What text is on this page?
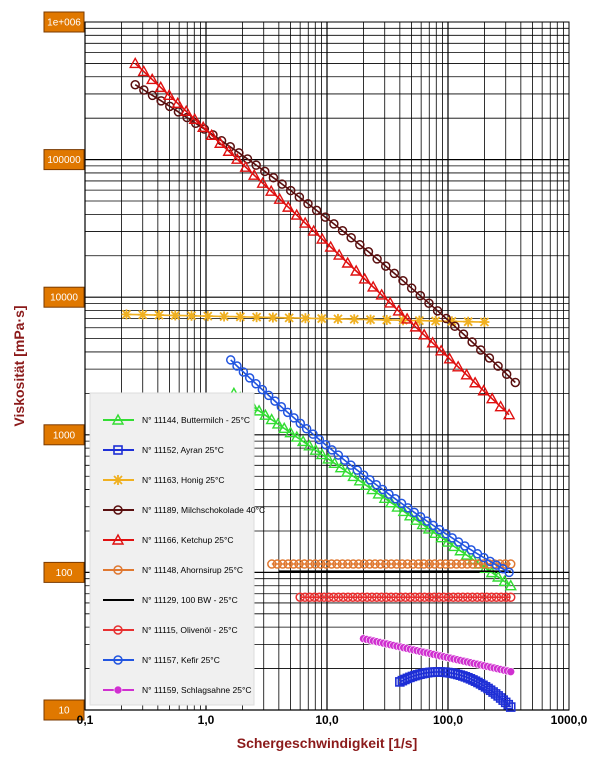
N° 11144, Buttermilch - 25°C
N° 11152, Ayran 25°C
N° 11163, Honig 25°C
N° 11189, Milchschokolade 40°C
N° 11166, Ketchup 25°C
N° 11148, Ahornsirup 25°C
N° 11129, 100 BW - 25°C
N° 11115, Olivenöl - 25°C
N° 11157, Kefir 25°C
N° 11159, Schlagsahne 25°C
10
100
1000
10000
100000
1e+006
0,1	1,0	10,0	100,0	1000,0
Schergeschwindigkeit [1/s]
Viskosität [mPa·s]
